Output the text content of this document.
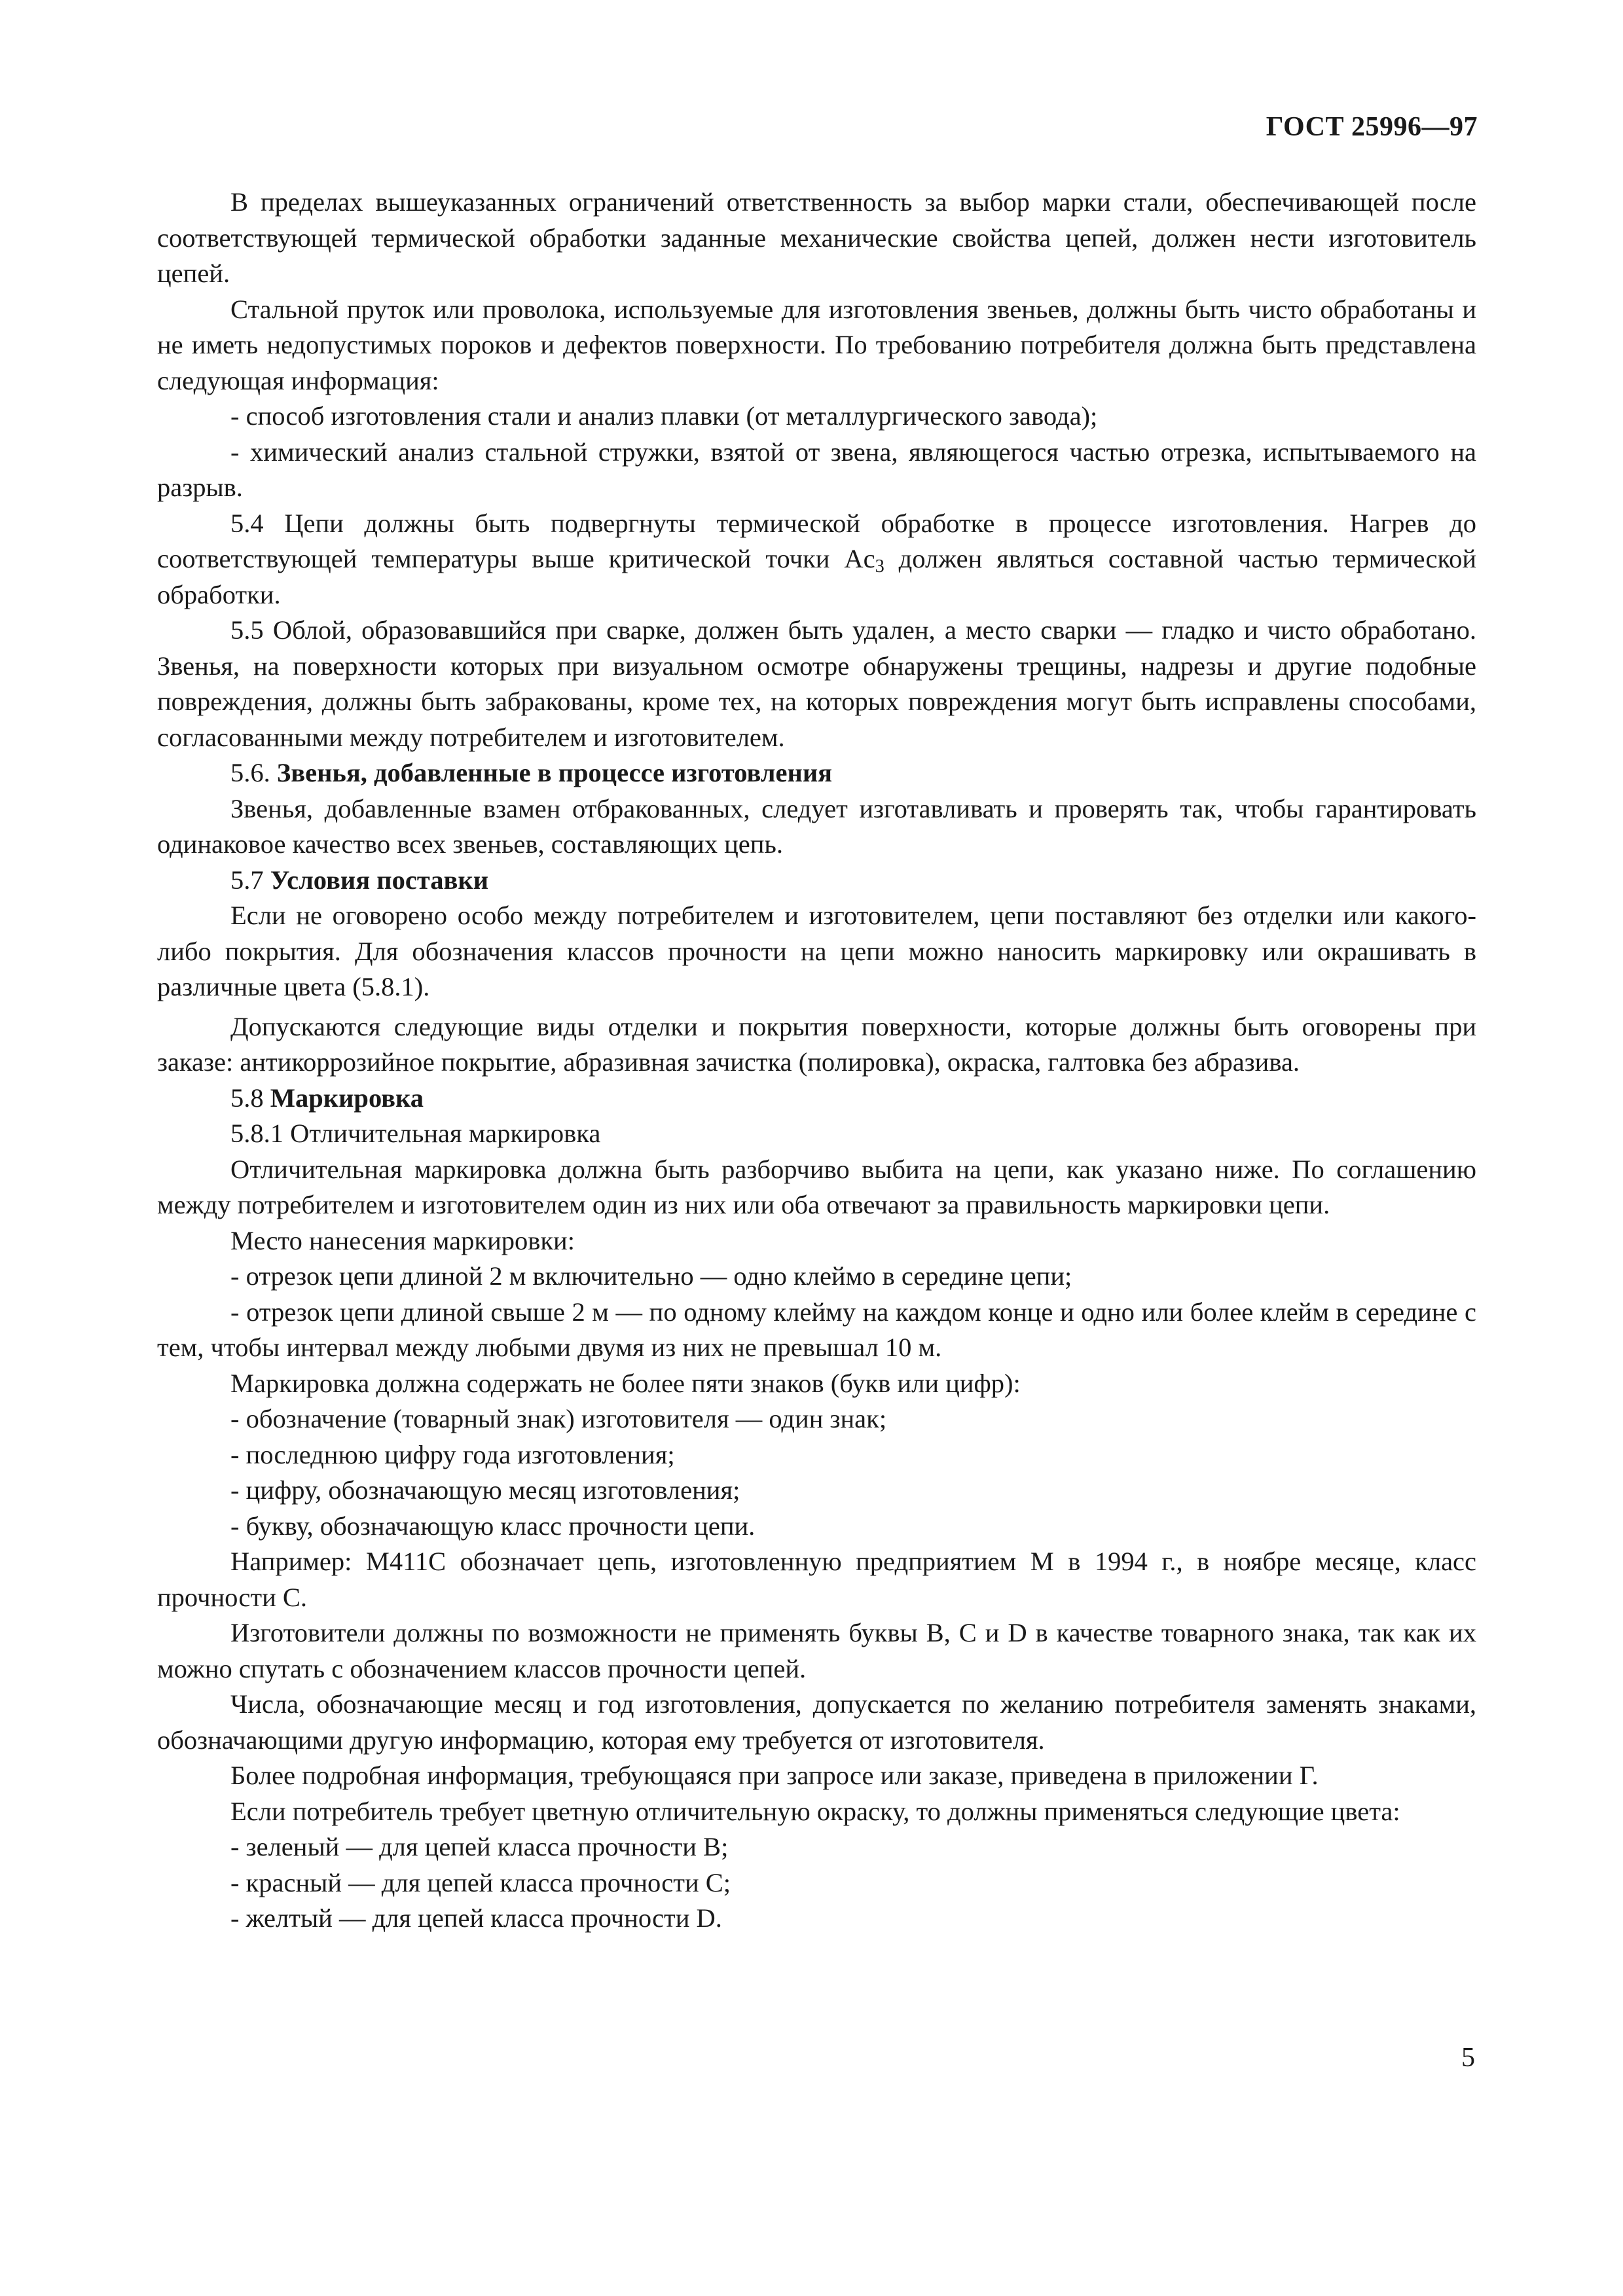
ГОСТ 25996—97

В пределах вышеуказанных ограничений ответственность за выбор марки стали, обеспечивающей после соответствующей термической обработки заданные механические свойства цепей, должен нести изготовитель цепей.

Стальной пруток или проволока, используемые для изготовления звеньев, должны быть чисто обработаны и не иметь недопустимых пороков и дефектов поверхности. По требованию потребителя должна быть представлена следующая информация:

- способ изготовления стали и анализ плавки (от металлургического завода);

- химический анализ стальной стружки, взятой от звена, являющегося частью отрезка, испытываемого на разрыв.

5.4 Цепи должны быть подвергнуты термической обработке в процессе изготовления. Нагрев до соответствующей температуры выше критической точки $Ac_3$ должен являться составной частью термической обработки.

5.5 Облой, образовавшийся при сварке, должен быть удален, а место сварки — гладко и чисто обработано. Звенья, на поверхности которых при визуальном осмотре обнаружены трещины, надрезы и другие подобные повреждения, должны быть забракованы, кроме тех, на которых повреждения могут быть исправлены способами, согласованными между потребителем и изготовителем.

5.6. Звенья, добавленные в процессе изготовления

Звенья, добавленные взамен отбракованных, следует изготавливать и проверять так, чтобы гарантировать одинаковое качество всех звеньев, составляющих цепь.

5.7 Условия поставки

Если не оговорено особо между потребителем и изготовителем, цепи поставляют без отделки или какого-либо покрытия. Для обозначения классов прочности на цепи можно наносить маркировку или окрашивать в различные цвета (5.8.1).

Допускаются следующие виды отделки и покрытия поверхности, которые должны быть оговорены при заказе: антикоррозийное покрытие, абразивная зачистка (полировка), окраска, галтовка без абразива.

5.8 Маркировка

5.8.1 Отличительная маркировка

Отличительная маркировка должна быть разборчиво выбита на цепи, как указано ниже. По соглашению между потребителем и изготовителем один из них или оба отвечают за правильность маркировки цепи.

Место нанесения маркировки:

- отрезок цепи длиной 2 м включительно — одно клеймо в середине цепи;

- отрезок цепи длиной свыше 2 м — по одному клейму на каждом конце и одно или более клейм в середине с тем, чтобы интервал между любыми двумя из них не превышал 10 м.

Маркировка должна содержать не более пяти знаков (букв или цифр):

- обозначение (товарный знак) изготовителя — один знак;

- последнюю цифру года изготовления;

- цифру, обозначающую месяц изготовления;

- букву, обозначающую класс прочности цепи.

Например: M411C обозначает цепь, изготовленную предприятием М в 1994 г., в ноябре месяце, класс прочности С.

Изготовители должны по возможности не применять буквы В, С и D в качестве товарного знака, так как их можно спутать с обозначением классов прочности цепей.

Числа, обозначающие месяц и год изготовления, допускается по желанию потребителя заменять знаками, обозначающими другую информацию, которая ему требуется от изготовителя.

Более подробная информация, требующаяся при запросе или заказе, приведена в приложении Г.

Если потребитель требует цветную отличительную окраску, то должны применяться следующие цвета:

- зеленый — для цепей класса прочности В;

- красный — для цепей класса прочности С;

- желтый — для цепей класса прочности D.

5
